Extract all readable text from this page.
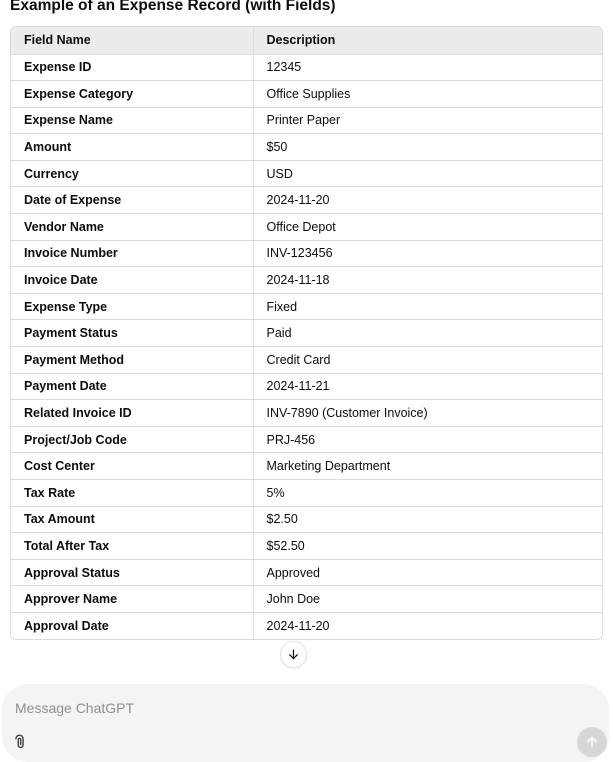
Example of an Expense Record (with Fields)
Field Name	Description
Expense ID	12345
Expense Category	Office Supplies
Expense Name	Printer Paper
Amount	$50
Currency	USD
Date of Expense	2024-11-20
Vendor Name	Office Depot
Invoice Number	INV-123456
Invoice Date	2024-11-18
Expense Type	Fixed
Payment Status	Paid
Payment Method	Credit Card
Payment Date	2024-11-21
Related Invoice ID	INV-7890 (Customer Invoice)
Project/Job Code	PRJ-456
Cost Center	Marketing Department
Tax Rate	5%
Tax Amount	$2.50
Total After Tax	$52.50
Approval Status	Approved
Approver Name	John Doe
Approval Date	2024-11-20
Message ChatGPT
